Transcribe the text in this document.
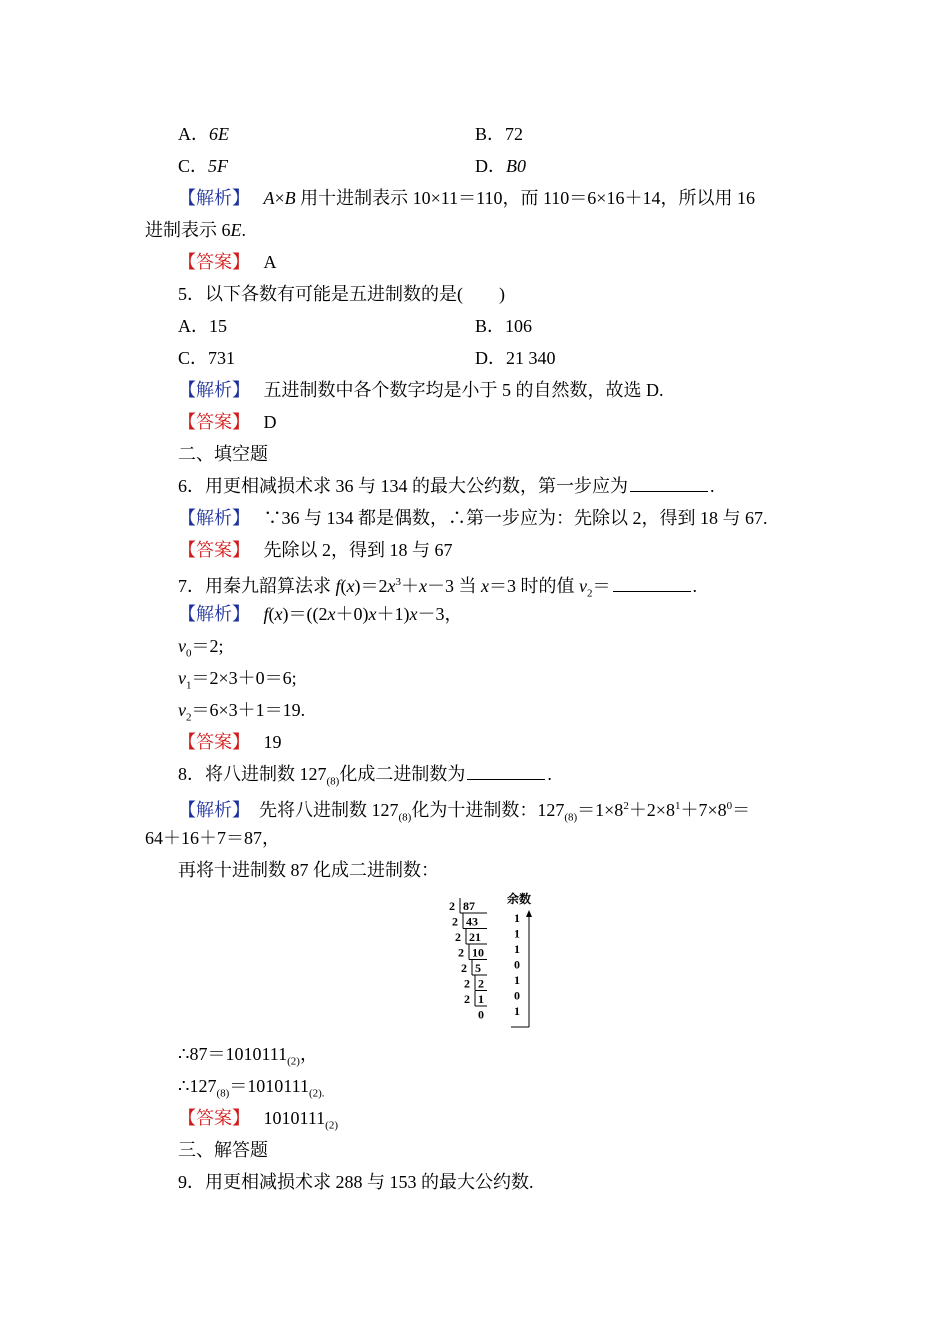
A．6E	B．72
C．5F	D．B0
【解析】 A×B 用十进制表示 10×11＝110，而 110＝6×16＋14，所以用 16
进制表示 6E.
【答案】 A
5．以下各数有可能是五进制数的是(　　)
A．15	B．106
C．731	D．21 340
【解析】 五进制数中各个数字均是小于 5 的自然数，故选 D.
【答案】 D
二、填空题
6．用更相减损术求 36 与 134 的最大公约数，第一步应为	.
【解析】 ∵36 与 134 都是偶数，∴第一步应为：先除以 2，得到 18 与 67.
【答案】 先除以 2，得到 18 与 67
7．用秦九韶算法求 $f(x)=2x^3+x-3$ 当 x＝3 时的值 $v_2=$	.
【解析】 f(x)＝((2x＋0)x＋1)x－3，
$v_0=2$;
$v_1=2\times 3+0=6$;
$v_2=6\times 3+1=19$.
【答案】 19
8．将八进制数 $127_{(8)}$化成二进制数为	.
【解析】 先将八进制数 $127_{(8)}$化为十进制数：$127_{(8)}=1\times 8^2+2\times 8^1+7\times 8^0=$
64＋16＋7＝87，
再将十进制数 87 化成二进制数：
余数
2 87
1
2 43
1
2 21
1
2 10
0
2 5
1
2 2
0
2 1
1
0
$\therefore 87=1010111_{(2)}$，
$\therefore 127_{(8)}=1010111_{(2).}$
【答案】 $1010111_{(2)}$
三、解答题
9．用更相减损术求 288 与 153 的最大公约数.
